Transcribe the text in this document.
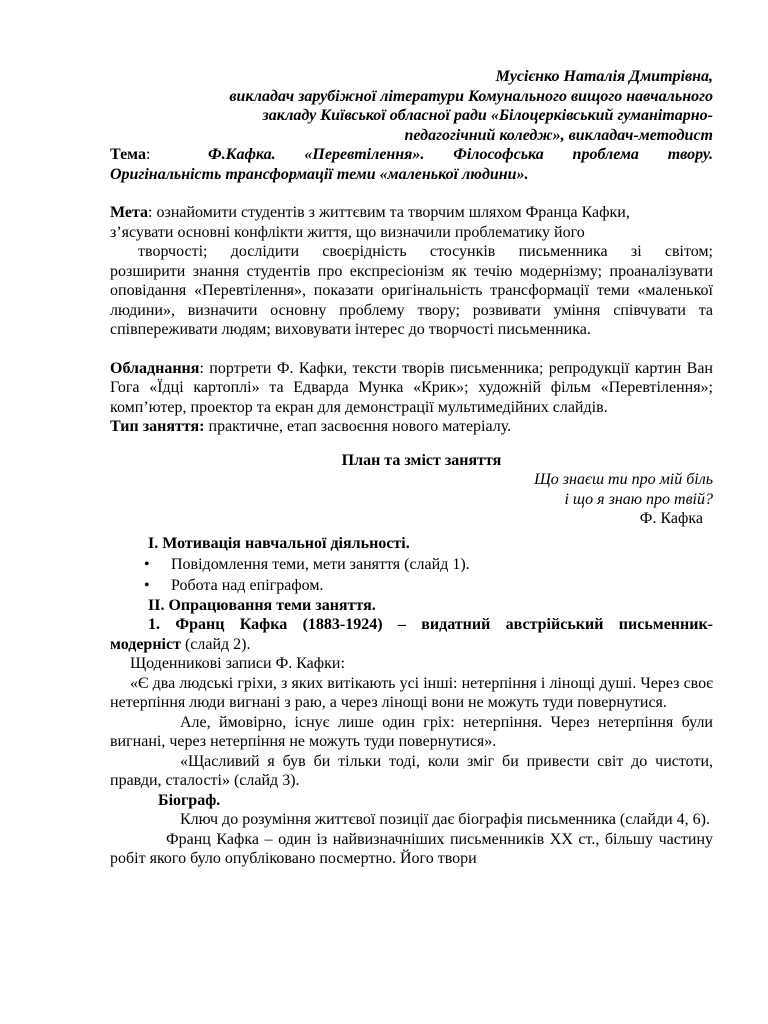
Мусієнко Наталія Дмитрівна,
викладач зарубіжної літератури Комунального вищого навчального
закладу Київської обласної ради «Білоцерківський гуманітарно-
педагогічний коледж», викладач-методист
Тема:  Ф.Кафка. «Перевтілення». Філософська проблема твору.
Оригінальність трансформації теми «маленької людини».
Мета: ознайомити студентів з життєвим та творчим шляхом Франца Кафки,
з’ясувати основні конфлікти життя, що визначили проблематику його
творчості; дослідити своєрідність стосунків письменника зі світом;

розширити знання студентів про експресіонізм як течію модернізму; проаналізувати оповідання «Перевтілення», показати оригінальність трансформації теми «маленької людини», визначити основну проблему твору; розвивати уміння співчувати та співпереживати людям; виховувати інтерес до творчості письменника.

Обладнання: портрети Ф. Кафки, тексти творів письменника; репродукції картин Ван Гога «Їдці картоплі» та Едварда Мунка «Крик»; художній фільм «Перевтілення»; комп’ютер, проектор та екран для демонстрації мультимедійних слайдів.

Тип заняття: практичне, етап засвоєння нового матеріалу.

План та зміст заняття

Що знаєш ти про мій біль
і що я знаю про твій?

Ф. Кафка

І. Мотивація навчальної діяльності.

•	Повідомлення теми, мети заняття (слайд 1).
•	Робота над епіграфом.

ІІ. Опрацювання теми заняття.

1. Франц Кафка (1883-1924) – видатний австрійський письменник-
модерніст (слайд 2).

Щоденникові записи Ф. Кафки:

«Є два людські гріхи, з яких витікають усі інші: нетерпіння і лінощі душі. Через своє нетерпіння люди вигнані з раю, а через лінощі вони не можуть туди повернутися.

Але, ймовірно, існує лише один гріх: нетерпіння. Через нетерпіння були вигнані, через нетерпіння не можуть туди повернутися».

«Щасливий я був би тільки тоді, коли зміг би привести світ до чистоти, правди, сталості» (слайд 3).

Біограф.

Ключ до розуміння життєвої позиції дає біографія письменника (слайди 4, 6).

Франц Кафка – один із найвизначніших письменників XX ст., більшу частину робіт якого було опубліковано посмертно. Його твори
